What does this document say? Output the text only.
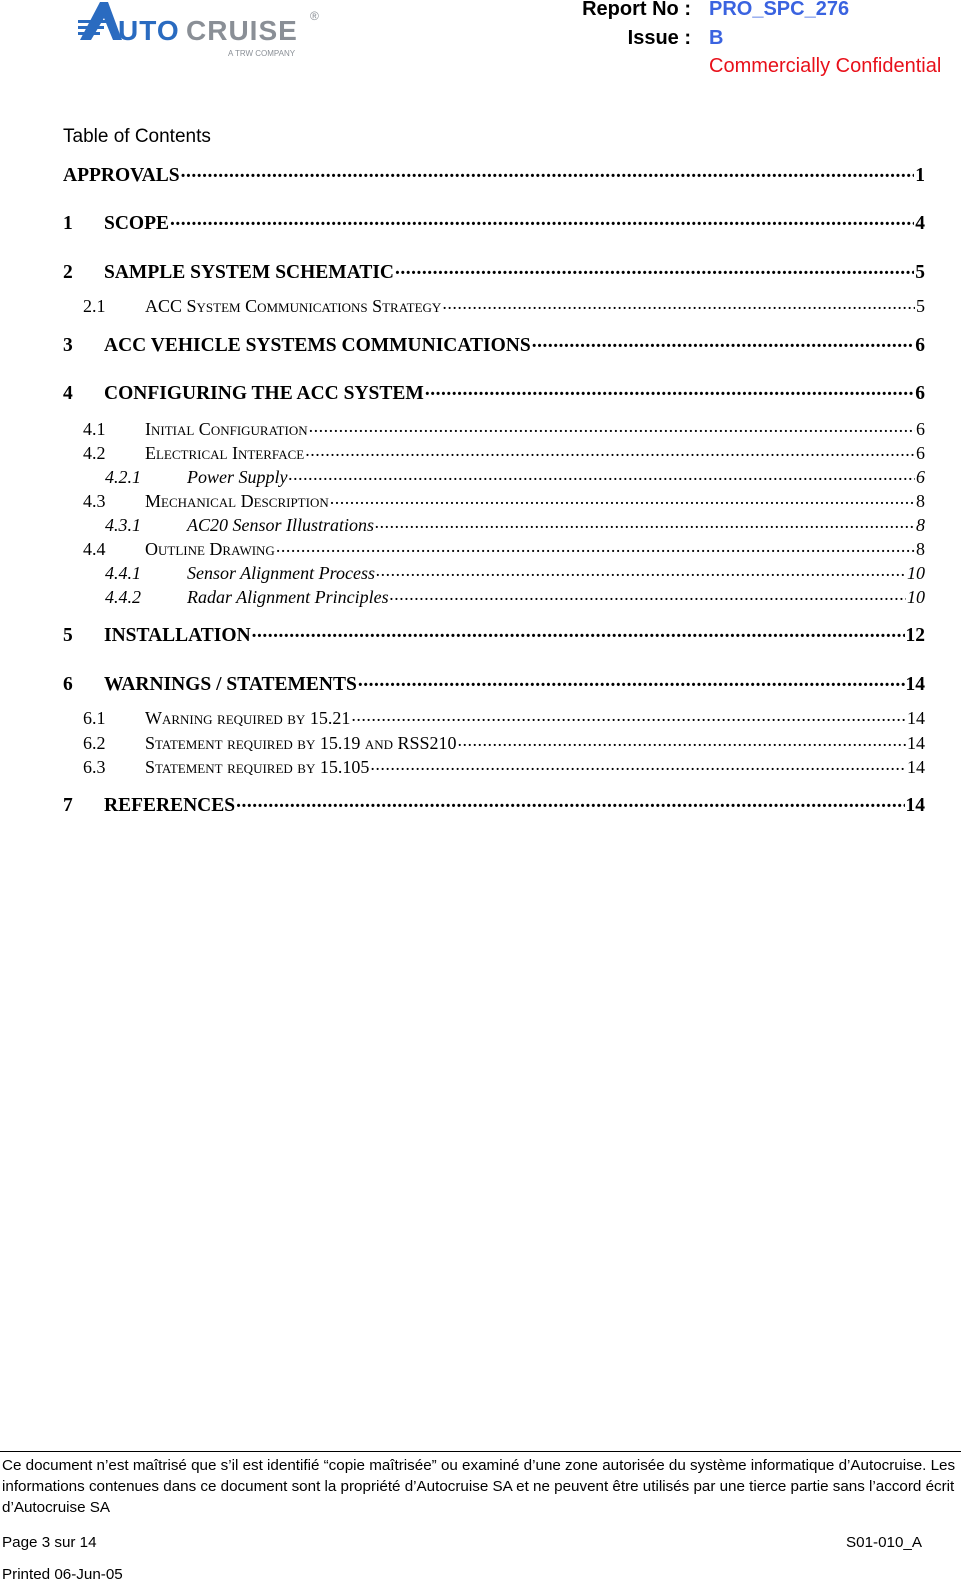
UTO CRUISE ®
A TRW COMPANY
Report No : PRO_SPC_276
Issue : B
Commercially Confidential
Table of Contents
APPROVALS .....	1
1	SCOPE .....	4
2	SAMPLE SYSTEM SCHEMATIC .....	5
2.1	ACC System Communications Strategy .....	5
3	ACC VEHICLE SYSTEMS COMMUNICATIONS .....	6
4	CONFIGURING THE ACC SYSTEM .....	6
4.1	Initial Configuration .....	6
4.2	Electrical Interface .....	6
4.2.1	Power Supply .....	6
4.3	Mechanical Description .....	8
4.3.1	AC20 Sensor Illustrations .....	8
4.4	Outline Drawing .....	8
4.4.1	Sensor Alignment Process .....	10
4.4.2	Radar Alignment Principles .....	10
5	INSTALLATION .....	12
6	WARNINGS / STATEMENTS .....	14
6.1	Warning required by 15.21 .....	14
6.2	Statement required by 15.19 and RSS210 .....	14
6.3	Statement required by 15.105 .....	14
7	REFERENCES .....	14
Ce document n’est maîtrisé que s’il est identifié “copie maîtrisée” ou examiné d’une zone autorisée du système informatique d’Autocruise. Les informations contenues dans ce document sont la propriété d’Autocruise SA et ne peuvent être utilisés par une tierce partie sans l’accord écrit d’Autocruise SA
Page 3 sur 14	S01-010_A
Printed 06-Jun-05
